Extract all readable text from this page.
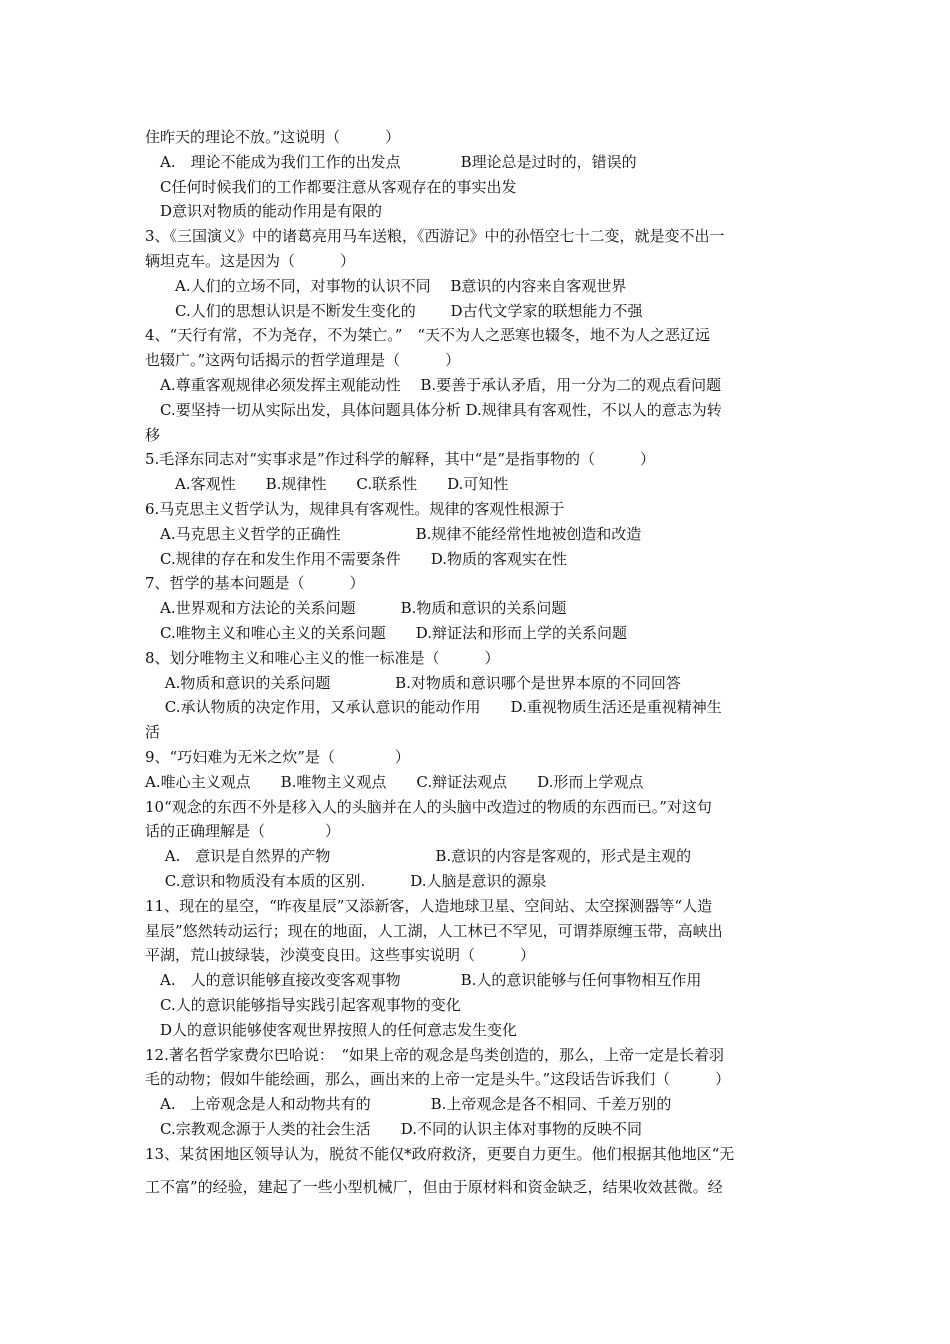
住昨天的理论不放。”这说明（　　　）
　A.　理论不能成为我们工作的出发点　　　　B理论总是过时的，错误的
　C任何时候我们的工作都要注意从客观存在的事实出发
　D意识对物质的能动作用是有限的
3、《三国演义》中的诸葛亮用马车送粮，《西游记》中的孙悟空七十二变，就是变不出一
辆坦克车。这是因为（　　　）
　　A.人们的立场不同，对事物的认识不同　 B意识的内容来自客观世界
　　C.人们的思想认识是不断发生变化的　　 D古代文学家的联想能力不强
4、“天行有常，不为尧存，不为桀亡。”　“天不为人之恶寒也辍冬，地不为人之恶辽远
也辍广。”这两句话揭示的哲学道理是（　　　）
　A.尊重客观规律必须发挥主观能动性　 B.要善于承认矛盾，用一分为二的观点看问题
　C.要坚持一切从实际出发，具体问题具体分析 D.规律具有客观性，不以人的意志为转
移
5.毛泽东同志对“实事求是”作过科学的解释，其中“是”是指事物的（　　　）
　　A.客观性　　B.规律性　　C.联系性　　D.可知性
6.马克思主义哲学认为，规律具有客观性。规律的客观性根源于
　A.马克思主义哲学的正确性　　　　　B.规律不能经常性地被创造和改造
　C.规律的存在和发生作用不需要条件　　D.物质的客观实在性
7、哲学的基本问题是（　　　）
　A.世界观和方法论的关系问题　　　B.物质和意识的关系问题
　C.唯物主义和唯心主义的关系问题　　D.辩证法和形而上学的关系问题
8、划分唯物主义和唯心主义的惟一标准是（　　　）
　 A.物质和意识的关系问题　　　　 B.对物质和意识哪个是世界本原的不同回答
　 C.承认物质的决定作用，又承认意识的能动作用　　D.重视物质生活还是重视精神生
活
9、“巧妇难为无米之炊”是（　　　　）
A.唯心主义观点　　B.唯物主义观点　　C.辩证法观点　　D.形而上学观点
10“观念的东西不外是移入人的头脑并在人的头脑中改造过的物质的东西而已。”对这句
话的正确理解是（　　　　）
　 A.　意识是自然界的产物　　　　　　　B.意识的内容是客观的，形式是主观的
　 C.意识和物质没有本质的区别.　　　D.人脑是意识的源泉
11、现在的星空，“昨夜星辰”又添新客，人造地球卫星、空间站、太空探测器等“人造
星辰”悠然转动运行；现在的地面，人工湖，人工林已不罕见，可谓莽原缠玉带，高峡出
平湖，荒山披绿装，沙漠变良田。这些事实说明（　　　）
　A.　人的意识能够直接改变客观事物　　　　B.人的意识能够与任何事物相互作用
　C.人的意识能够指导实践引起客观事物的变化
　D人的意识能够使客观世界按照人的任何意志发生变化
12.著名哲学家费尔巴哈说：　“如果上帝的观念是鸟类创造的，那么，上帝一定是长着羽
毛的动物；假如牛能绘画，那么，画出来的上帝一定是头牛。”这段话告诉我们（　　　）
　A.　上帝观念是人和动物共有的　　　　B.上帝观念是各不相同、千差万别的
　C.宗教观念源于人类的社会生活　　D.不同的认识主体对事物的反映不同
13、某贫困地区领导认为，脱贫不能仅*政府救济，更要自力更生。他们根据其他地区“无
工不富”的经验，建起了一些小型机械厂，但由于原材料和资金缺乏，结果收效甚微。经
